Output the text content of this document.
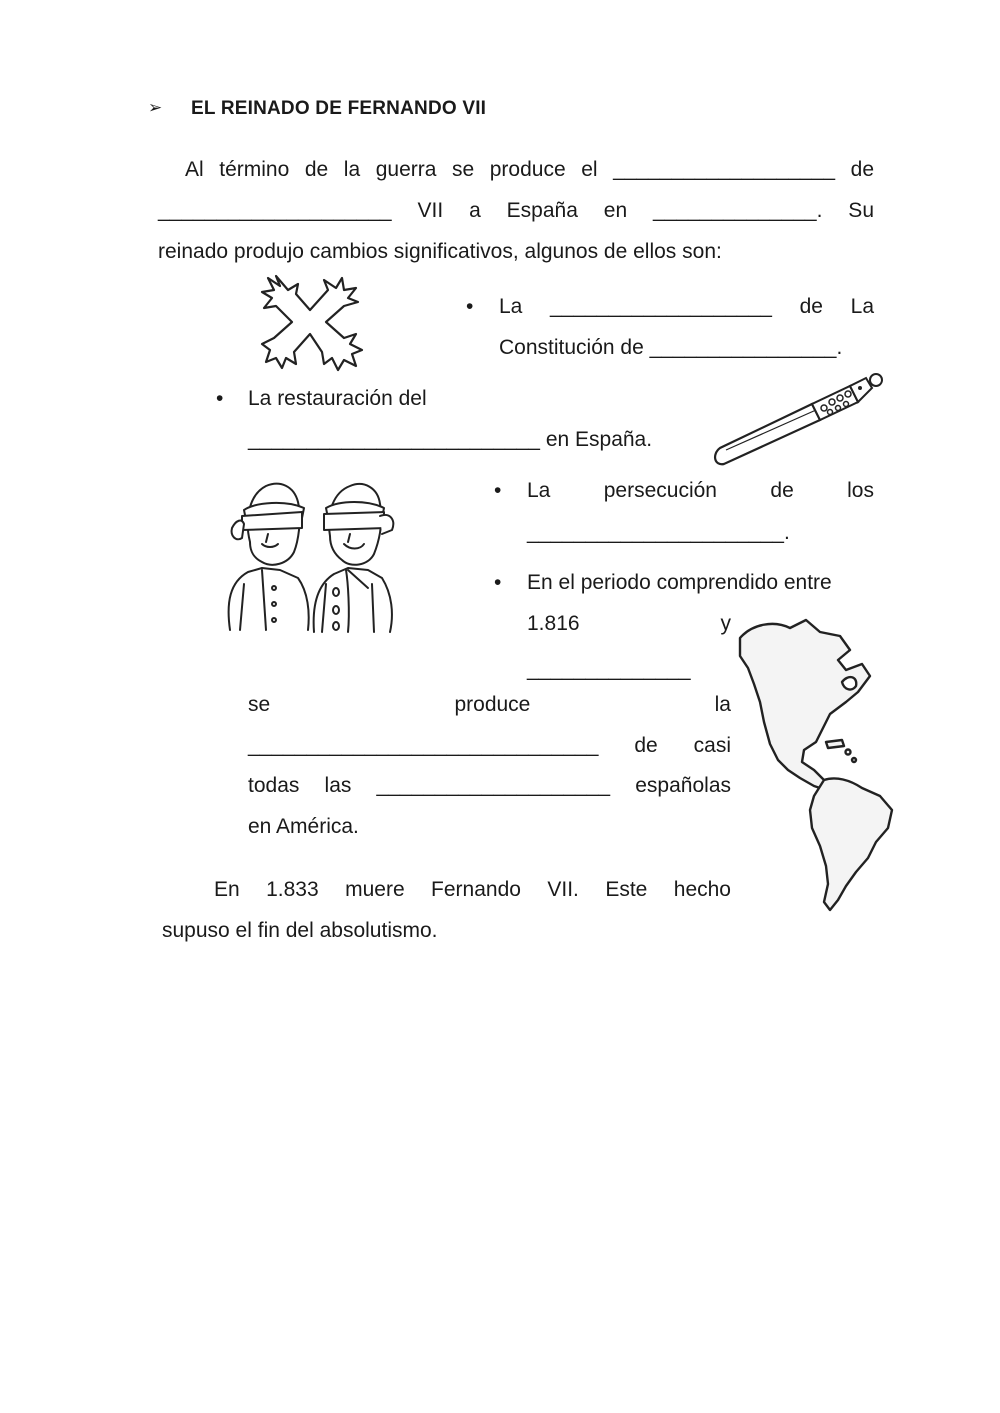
➢ EL REINADO DE FERNANDO VII
Al término de la guerra se produce el ___________________ de
____________________ VII a España en ______________. Su
reinado produjo cambios significativos, algunos de ellos son:
• La ___________________ de La
Constitución de ________________.
• La restauración del
_________________________ en España.
• La persecución de los
______________________.
• En el periodo comprendido entre
1.816 y
______________
se produce la
______________________________ de casi
todas las ____________________ españolas
en América.
En 1.833 muere Fernando VII. Este hecho
supuso el fin del absolutismo.
